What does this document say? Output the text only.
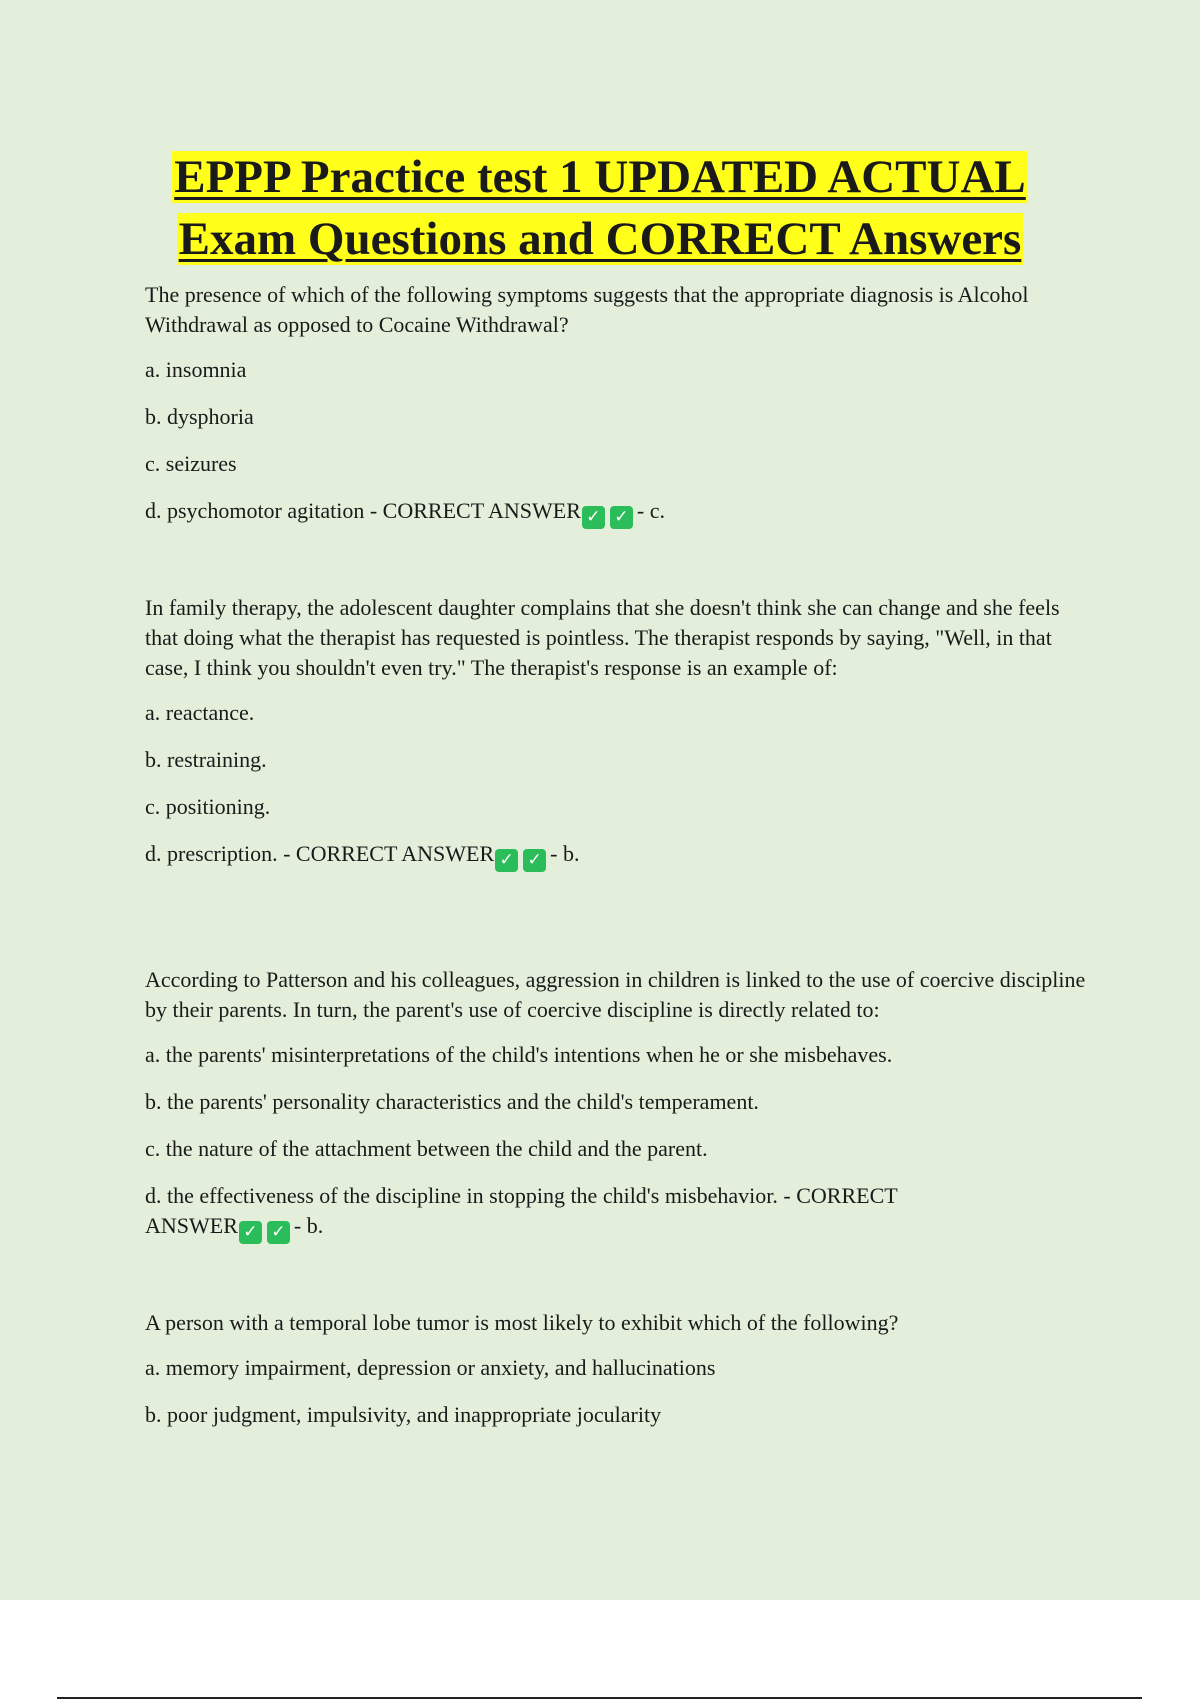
EPPP Practice test 1 UPDATED ACTUAL
Exam Questions and CORRECT Answers

The presence of which of the following symptoms suggests that the appropriate diagnosis is Alcohol Withdrawal as opposed to Cocaine Withdrawal?

a. insomnia

b. dysphoria

c. seizures

d. psychomotor agitation - CORRECT ANSWER ✓ ✓ - c.

In family therapy, the adolescent daughter complains that she doesn't think she can change and she feels that doing what the therapist has requested is pointless. The therapist responds by saying, "Well, in that case, I think you shouldn't even try." The therapist's response is an example of:

a. reactance.

b. restraining.

c. positioning.

d. prescription. - CORRECT ANSWER ✓ ✓ - b.

According to Patterson and his colleagues, aggression in children is linked to the use of coercive discipline by their parents. In turn, the parent's use of coercive discipline is directly related to:

a. the parents' misinterpretations of the child's intentions when he or she misbehaves.

b. the parents' personality characteristics and the child's temperament.

c. the nature of the attachment between the child and the parent.

d. the effectiveness of the discipline in stopping the child's misbehavior. - CORRECT
ANSWER ✓ ✓ - b.

A person with a temporal lobe tumor is most likely to exhibit which of the following?

a. memory impairment, depression or anxiety, and hallucinations

b. poor judgment, impulsivity, and inappropriate jocularity
